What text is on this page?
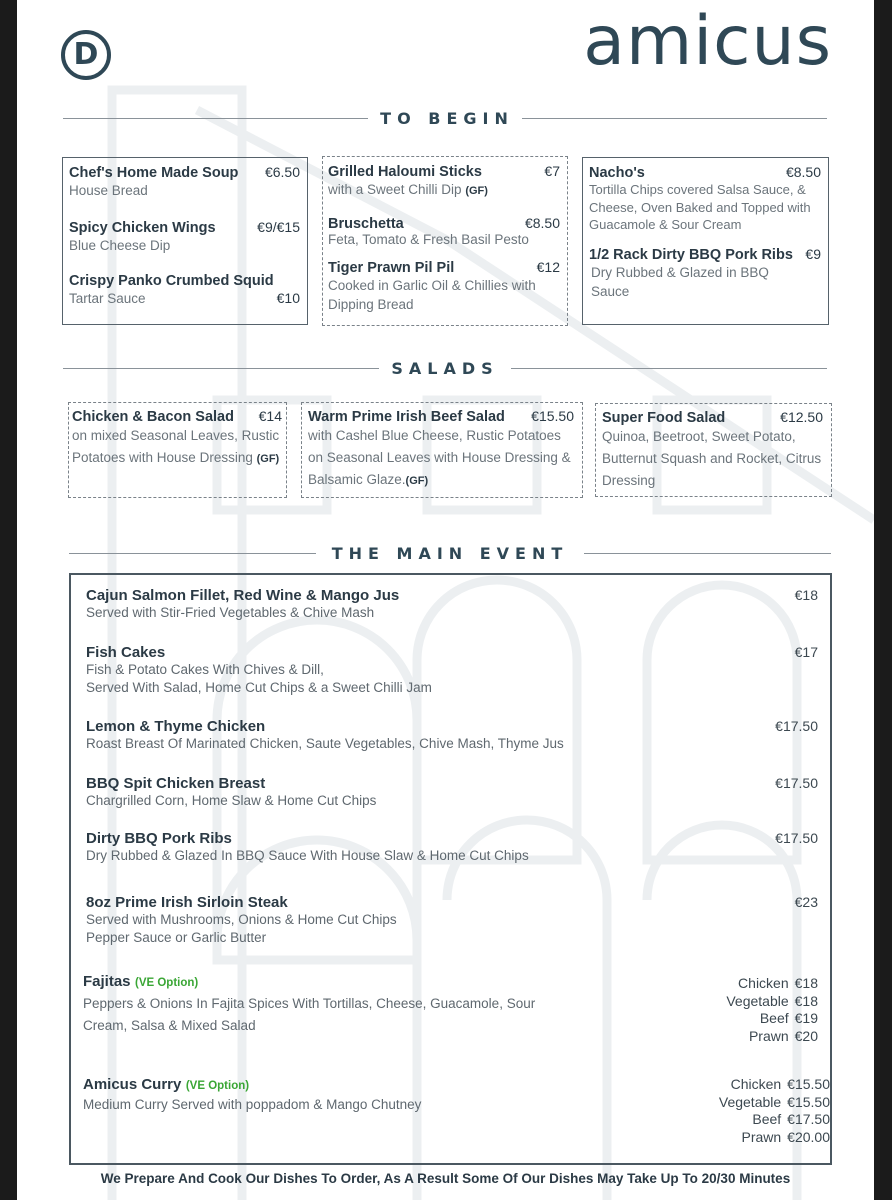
D	amicus
TO BEGIN
Chef's Home Made Soup €6.50
House Bread
Spicy Chicken Wings	€9/€15
Blue Cheese Dip
Crispy Panko Crumbed Squid
Tartar Sauce	€10
Grilled Haloumi Sticks	€7
with a Sweet Chilli Dip (GF)
Bruschetta	€8.50
Feta, Tomato & Fresh Basil Pesto
Tiger Prawn Pil Pil	€12
Cooked in Garlic Oil & Chillies with Dipping Bread
Nacho's	€8.50
Tortilla Chips covered Salsa Sauce, & Cheese, Oven Baked and Topped with Guacamole & Sour Cream
1/2 Rack Dirty BBQ Pork Ribs €9
Dry Rubbed & Glazed in BBQ Sauce
SALADS
Chicken & Bacon Salad €14
on mixed Seasonal Leaves, Rustic Potatoes with House Dressing (GF)
Warm Prime Irish Beef Salad €15.50
with Cashel Blue Cheese, Rustic Potatoes on Seasonal Leaves with House Dressing & Balsamic Glaze.(GF)
Super Food Salad	€12.50
Quinoa, Beetroot, Sweet Potato, Butternut Squash and Rocket, Citrus Dressing
THE MAIN EVENT
Cajun Salmon Fillet, Red Wine & Mango Jus
Served with Stir-Fried Vegetables & Chive Mash
€18
Fish Cakes
Fish & Potato Cakes With Chives & Dill,
Served With Salad, Home Cut Chips & a Sweet Chilli Jam
€17
Lemon & Thyme Chicken
Roast Breast Of Marinated Chicken, Saute Vegetables, Chive Mash, Thyme Jus
€17.50
BBQ Spit Chicken Breast
Chargrilled Corn, Home Slaw & Home Cut Chips
€17.50
Dirty BBQ Pork Ribs
Dry Rubbed & Glazed In BBQ Sauce With House Slaw & Home Cut Chips
€17.50
8oz Prime Irish Sirloin Steak
Served with Mushrooms, Onions & Home Cut Chips
Pepper Sauce or Garlic Butter
€23
Fajitas (VE Option)
Peppers & Onions In Fajita Spices With Tortillas, Cheese, Guacamole, Sour
Cream, Salsa & Mixed Salad
Chicken €18
Vegetable €18
Beef €19
Prawn €20
Amicus Curry (VE Option)
Medium Curry Served with poppadom & Mango Chutney
Chicken €15.50
Vegetable €15.50
Beef €17.50
Prawn €20.00
We Prepare And Cook Our Dishes To Order, As A Result Some Of Our Dishes May Take Up To 20/30 Minutes
